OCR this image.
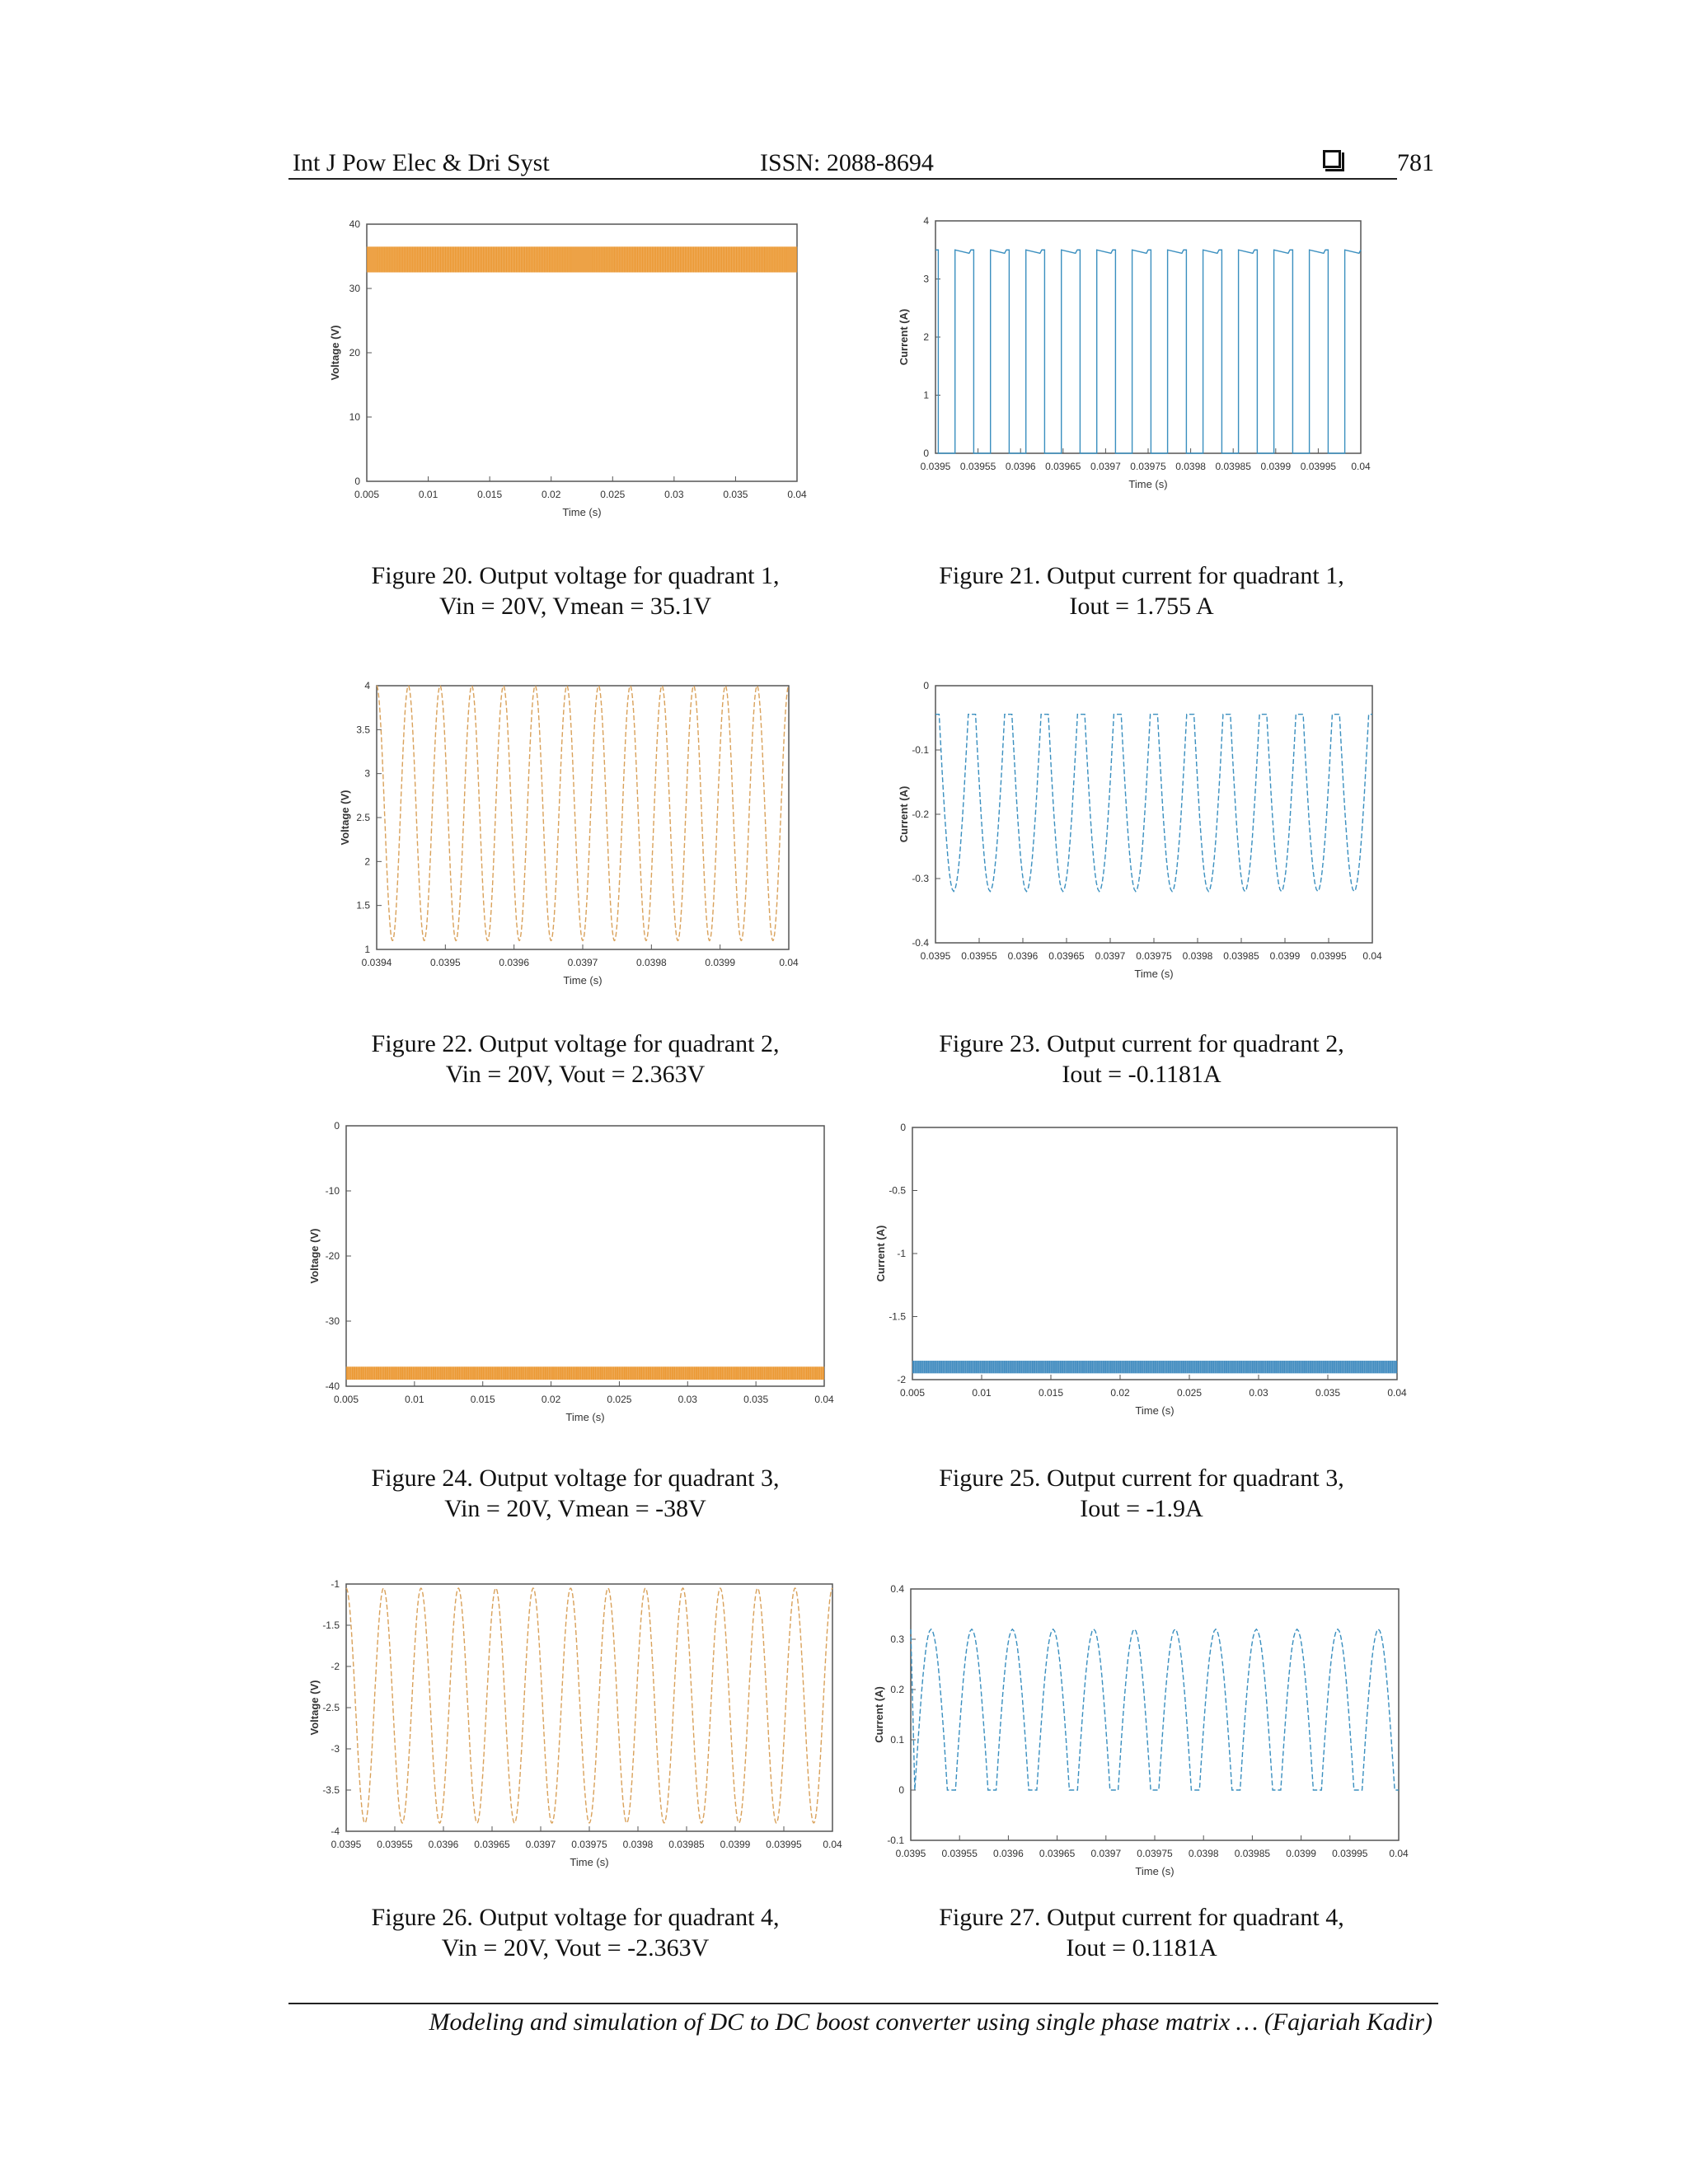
Int J Pow Elec & Dri Syst	ISSN: 2088-8694	781
0.005	0.01	0.015	0.02	0.025	0.03	0.035	0.04
0
10
20
30
40
Time (s)
Voltage (V)
Figure 20. Output voltage for quadrant 1,
Vin = 20V, Vmean = 35.1V
0.0395 0.03955 0.0396 0.03965 0.0397 0.03975 0.0398 0.03985 0.0399 0.03995 0.04
0
1
2
3
4
Time (s)
Current (A)
Figure 21. Output current for quadrant 1,
Iout = 1.755 A
0.0394	0.0395	0.0396	0.0397	0.0398	0.0399	0.04
1
1.5
2
2.5
3
3.5
4
Time (s)
Voltage (V)
Figure 22. Output voltage for quadrant 2,
Vin = 20V, Vout = 2.363V
0.0395 0.03955 0.0396 0.03965 0.0397 0.03975 0.0398 0.03985 0.0399 0.03995 0.04
-0.4
-0.3
-0.2
-0.1
0
Time (s)
Current (A)
Figure 23. Output current for quadrant 2,
Iout = -0.1181A
0.005	0.01	0.015	0.02	0.025	0.03	0.035	0.04
-40
-30
-20
-10
0
Time (s)
Voltage (V)
Figure 24. Output voltage for quadrant 3,
Vin = 20V, Vmean = -38V
0.005	0.01	0.015	0.02	0.025	0.03	0.035	0.04
-2
-1.5
-1
-0.5
0
Time (s)
Current (A)
Figure 25. Output current for quadrant 3,
Iout = -1.9A
0.0395 0.03955 0.0396 0.03965 0.0397 0.03975 0.0398 0.03985 0.0399 0.03995 0.04
-4
-3.5
-3
-2.5
-2
-1.5
-1
Time (s)
Voltage (V)
Figure 26. Output voltage for quadrant 4,
Vin = 20V, Vout = -2.363V
0.0395 0.03955 0.0396 0.03965 0.0397 0.03975 0.0398 0.03985 0.0399 0.03995 0.04
-0.1
0
0.1
0.2
0.3
0.4
Time (s)
Current (A)
Figure 27. Output current for quadrant 4,
Iout = 0.1181A
Modeling and simulation of DC to DC boost converter using single phase matrix … (Fajariah Kadir)
